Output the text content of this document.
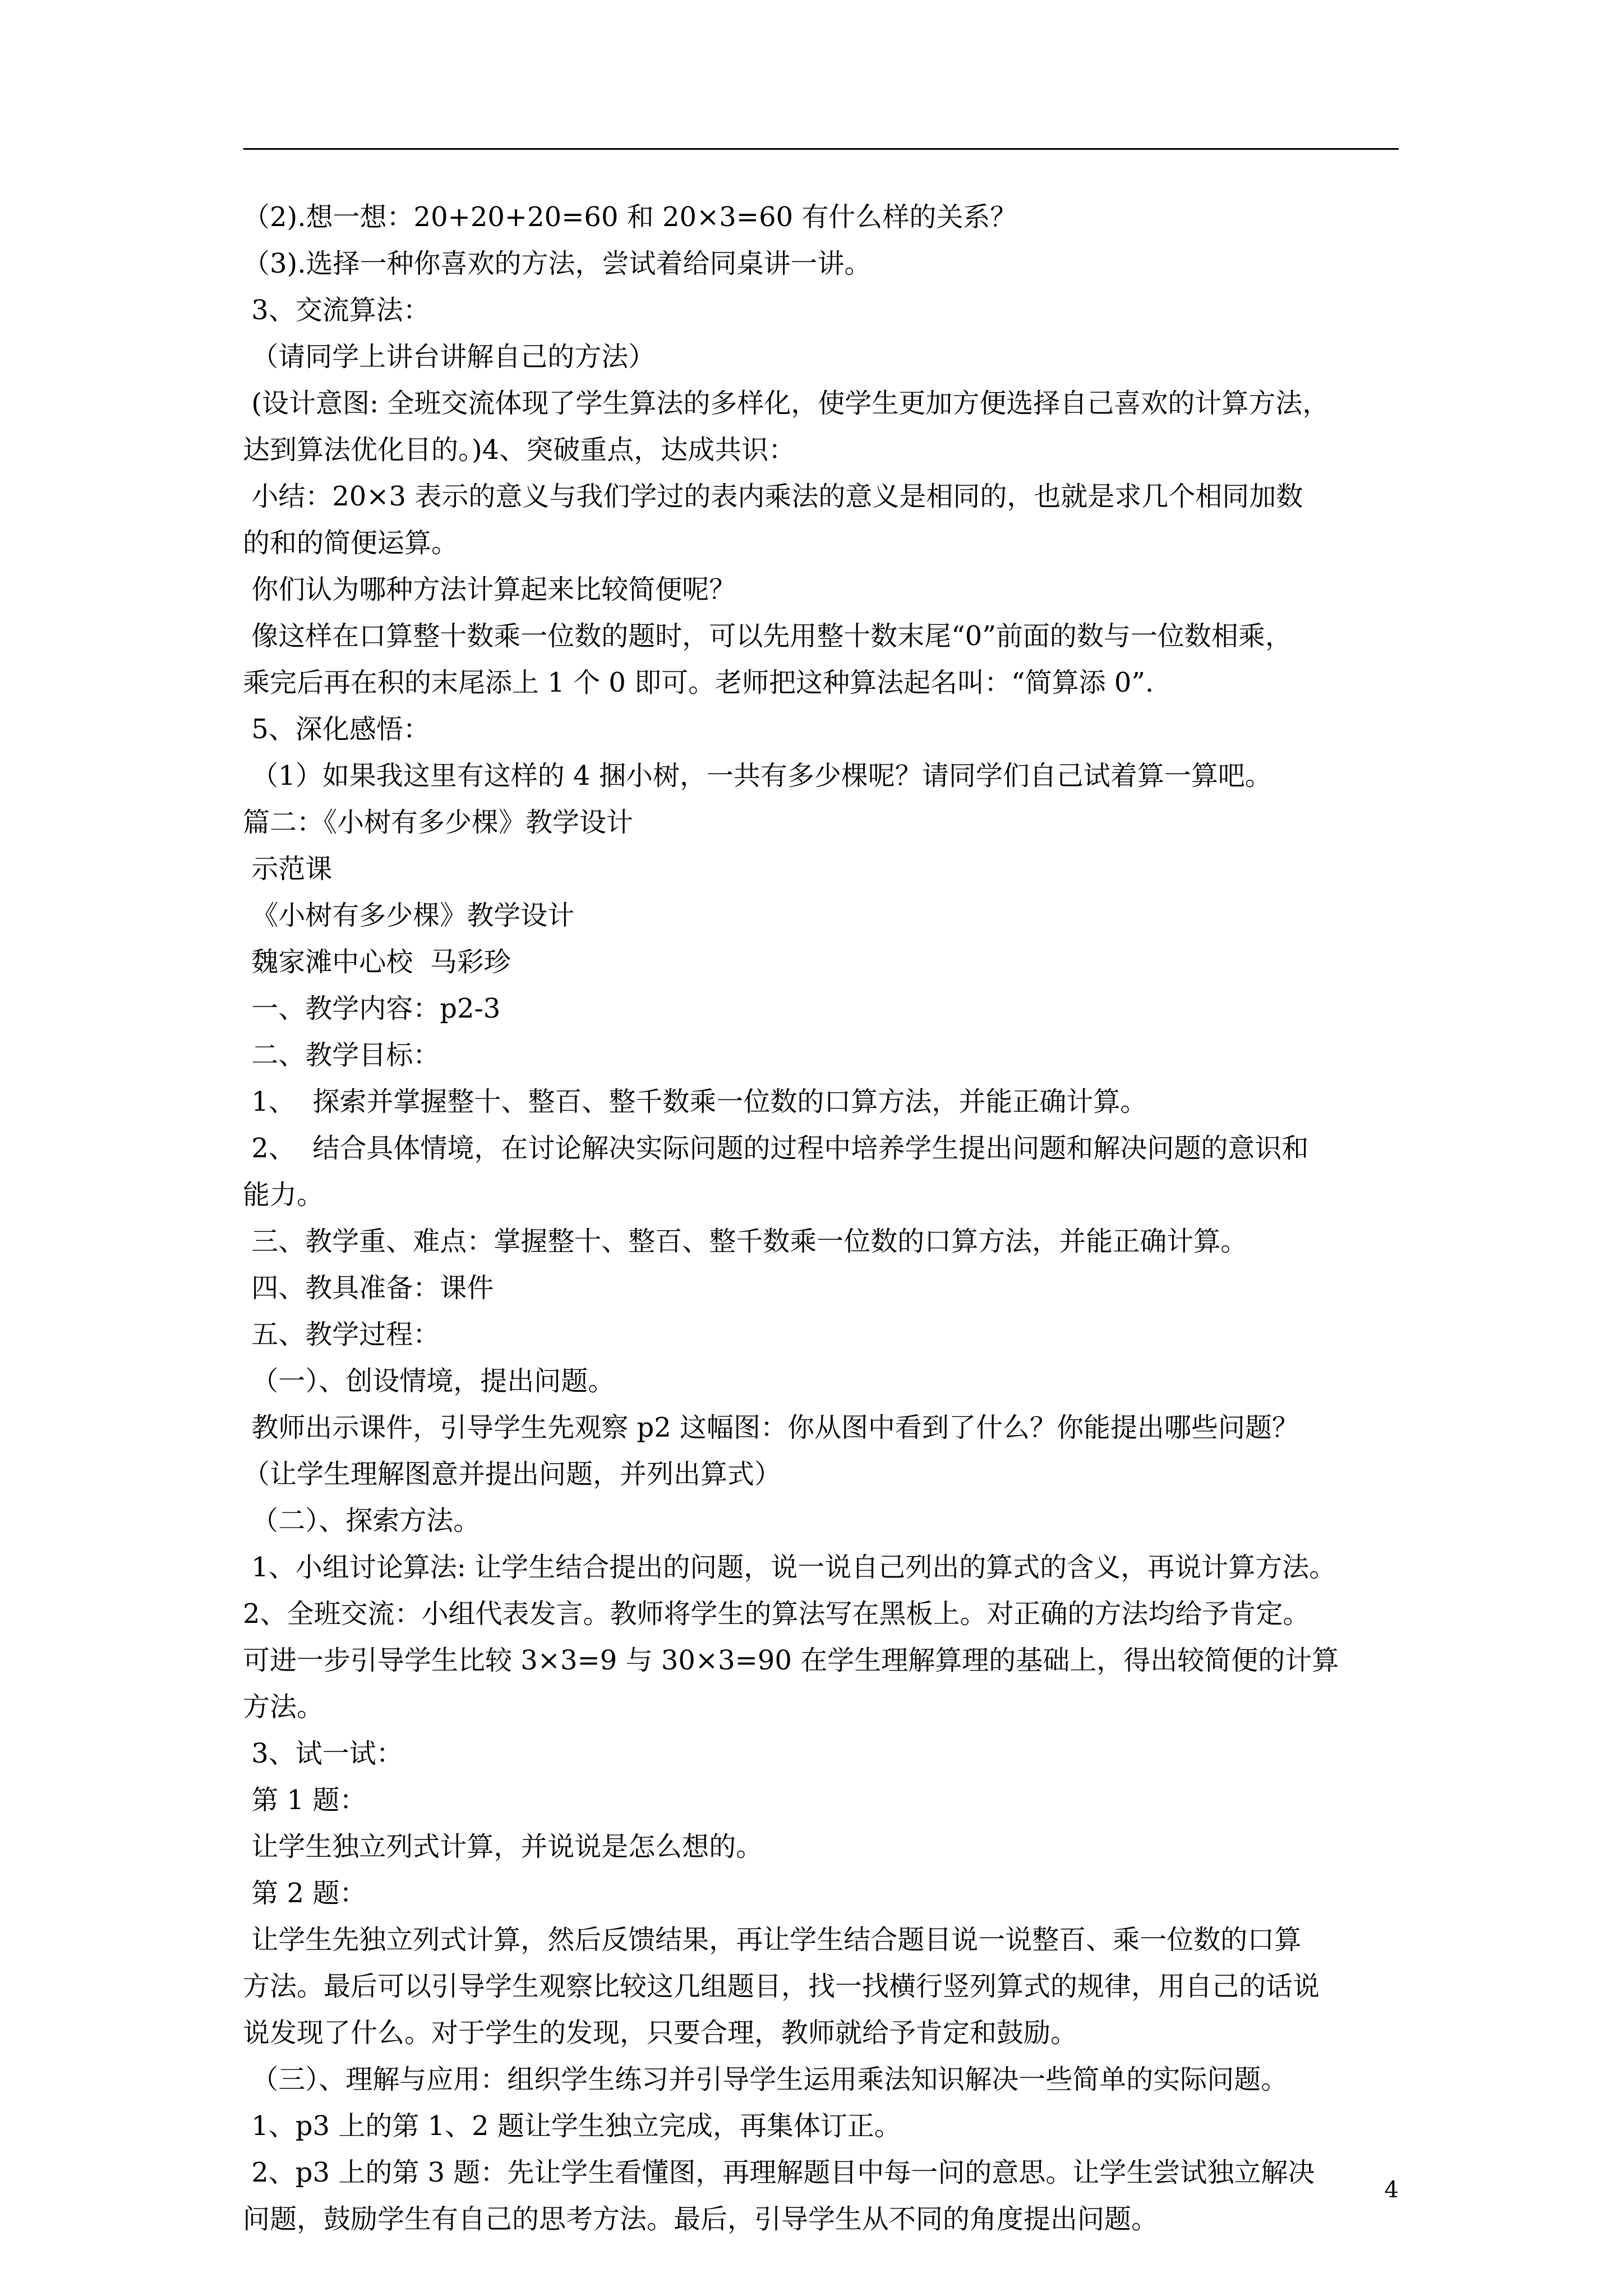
（2).想一想：20+20+20=60 和 20×3=60 有什么样的关系？
（3).选择一种你喜欢的方法，尝试着给同桌讲一讲。
3、交流算法：
（请同学上讲台讲解自己的方法）
(设计意图: 全班交流体现了学生算法的多样化，使学生更加方便选择自己喜欢的计算方法，
达到算法优化目的。)4、突破重点，达成共识：
小结：20×3 表示的意义与我们学过的表内乘法的意义是相同的，也就是求几个相同加数
的和的简便运算。
你们认为哪种方法计算起来比较简便呢？
像这样在口算整十数乘一位数的题时，可以先用整十数末尾“0”前面的数与一位数相乘，
乘完后再在积的末尾添上 1 个 0 即可。老师把这种算法起名叫：“简算添 0”.
5、深化感悟：
（1）如果我这里有这样的 4 捆小树，一共有多少棵呢？请同学们自己试着算一算吧。
篇二：《小树有多少棵》教学设计
示范课
《小树有多少棵》教学设计
魏家滩中心校  马彩珍
一、教学内容：p2-3
二、教学目标：
1、  探索并掌握整十、整百、整千数乘一位数的口算方法，并能正确计算。
2、  结合具体情境，在讨论解决实际问题的过程中培养学生提出问题和解决问题的意识和
能力。
三、教学重、难点：掌握整十、整百、整千数乘一位数的口算方法，并能正确计算。
四、教具准备：课件
五、教学过程：
（一）、创设情境，提出问题。
教师出示课件，引导学生先观察 p2 这幅图：你从图中看到了什么？你能提出哪些问题？
（让学生理解图意并提出问题，并列出算式）
（二）、探索方法。
1、小组讨论算法: 让学生结合提出的问题，说一说自己列出的算式的含义，再说计算方法。
2、全班交流：小组代表发言。教师将学生的算法写在黑板上。对正确的方法均给予肯定。
可进一步引导学生比较 3×3=9 与 30×3=90 在学生理解算理的基础上，得出较简便的计算
方法。
3、试一试：
第 1 题：
让学生独立列式计算，并说说是怎么想的。
第 2 题：
让学生先独立列式计算，然后反馈结果，再让学生结合题目说一说整百、乘一位数的口算
方法。最后可以引导学生观察比较这几组题目，找一找横行竖列算式的规律，用自己的话说
说发现了什么。对于学生的发现，只要合理，教师就给予肯定和鼓励。
（三）、理解与应用：组织学生练习并引导学生运用乘法知识解决一些简单的实际问题。
1、p3 上的第 1、2 题让学生独立完成，再集体订正。
2、p3 上的第 3 题：先让学生看懂图，再理解题目中每一问的意思。让学生尝试独立解决
问题，鼓励学生有自己的思考方法。最后，引导学生从不同的角度提出问题。
4
